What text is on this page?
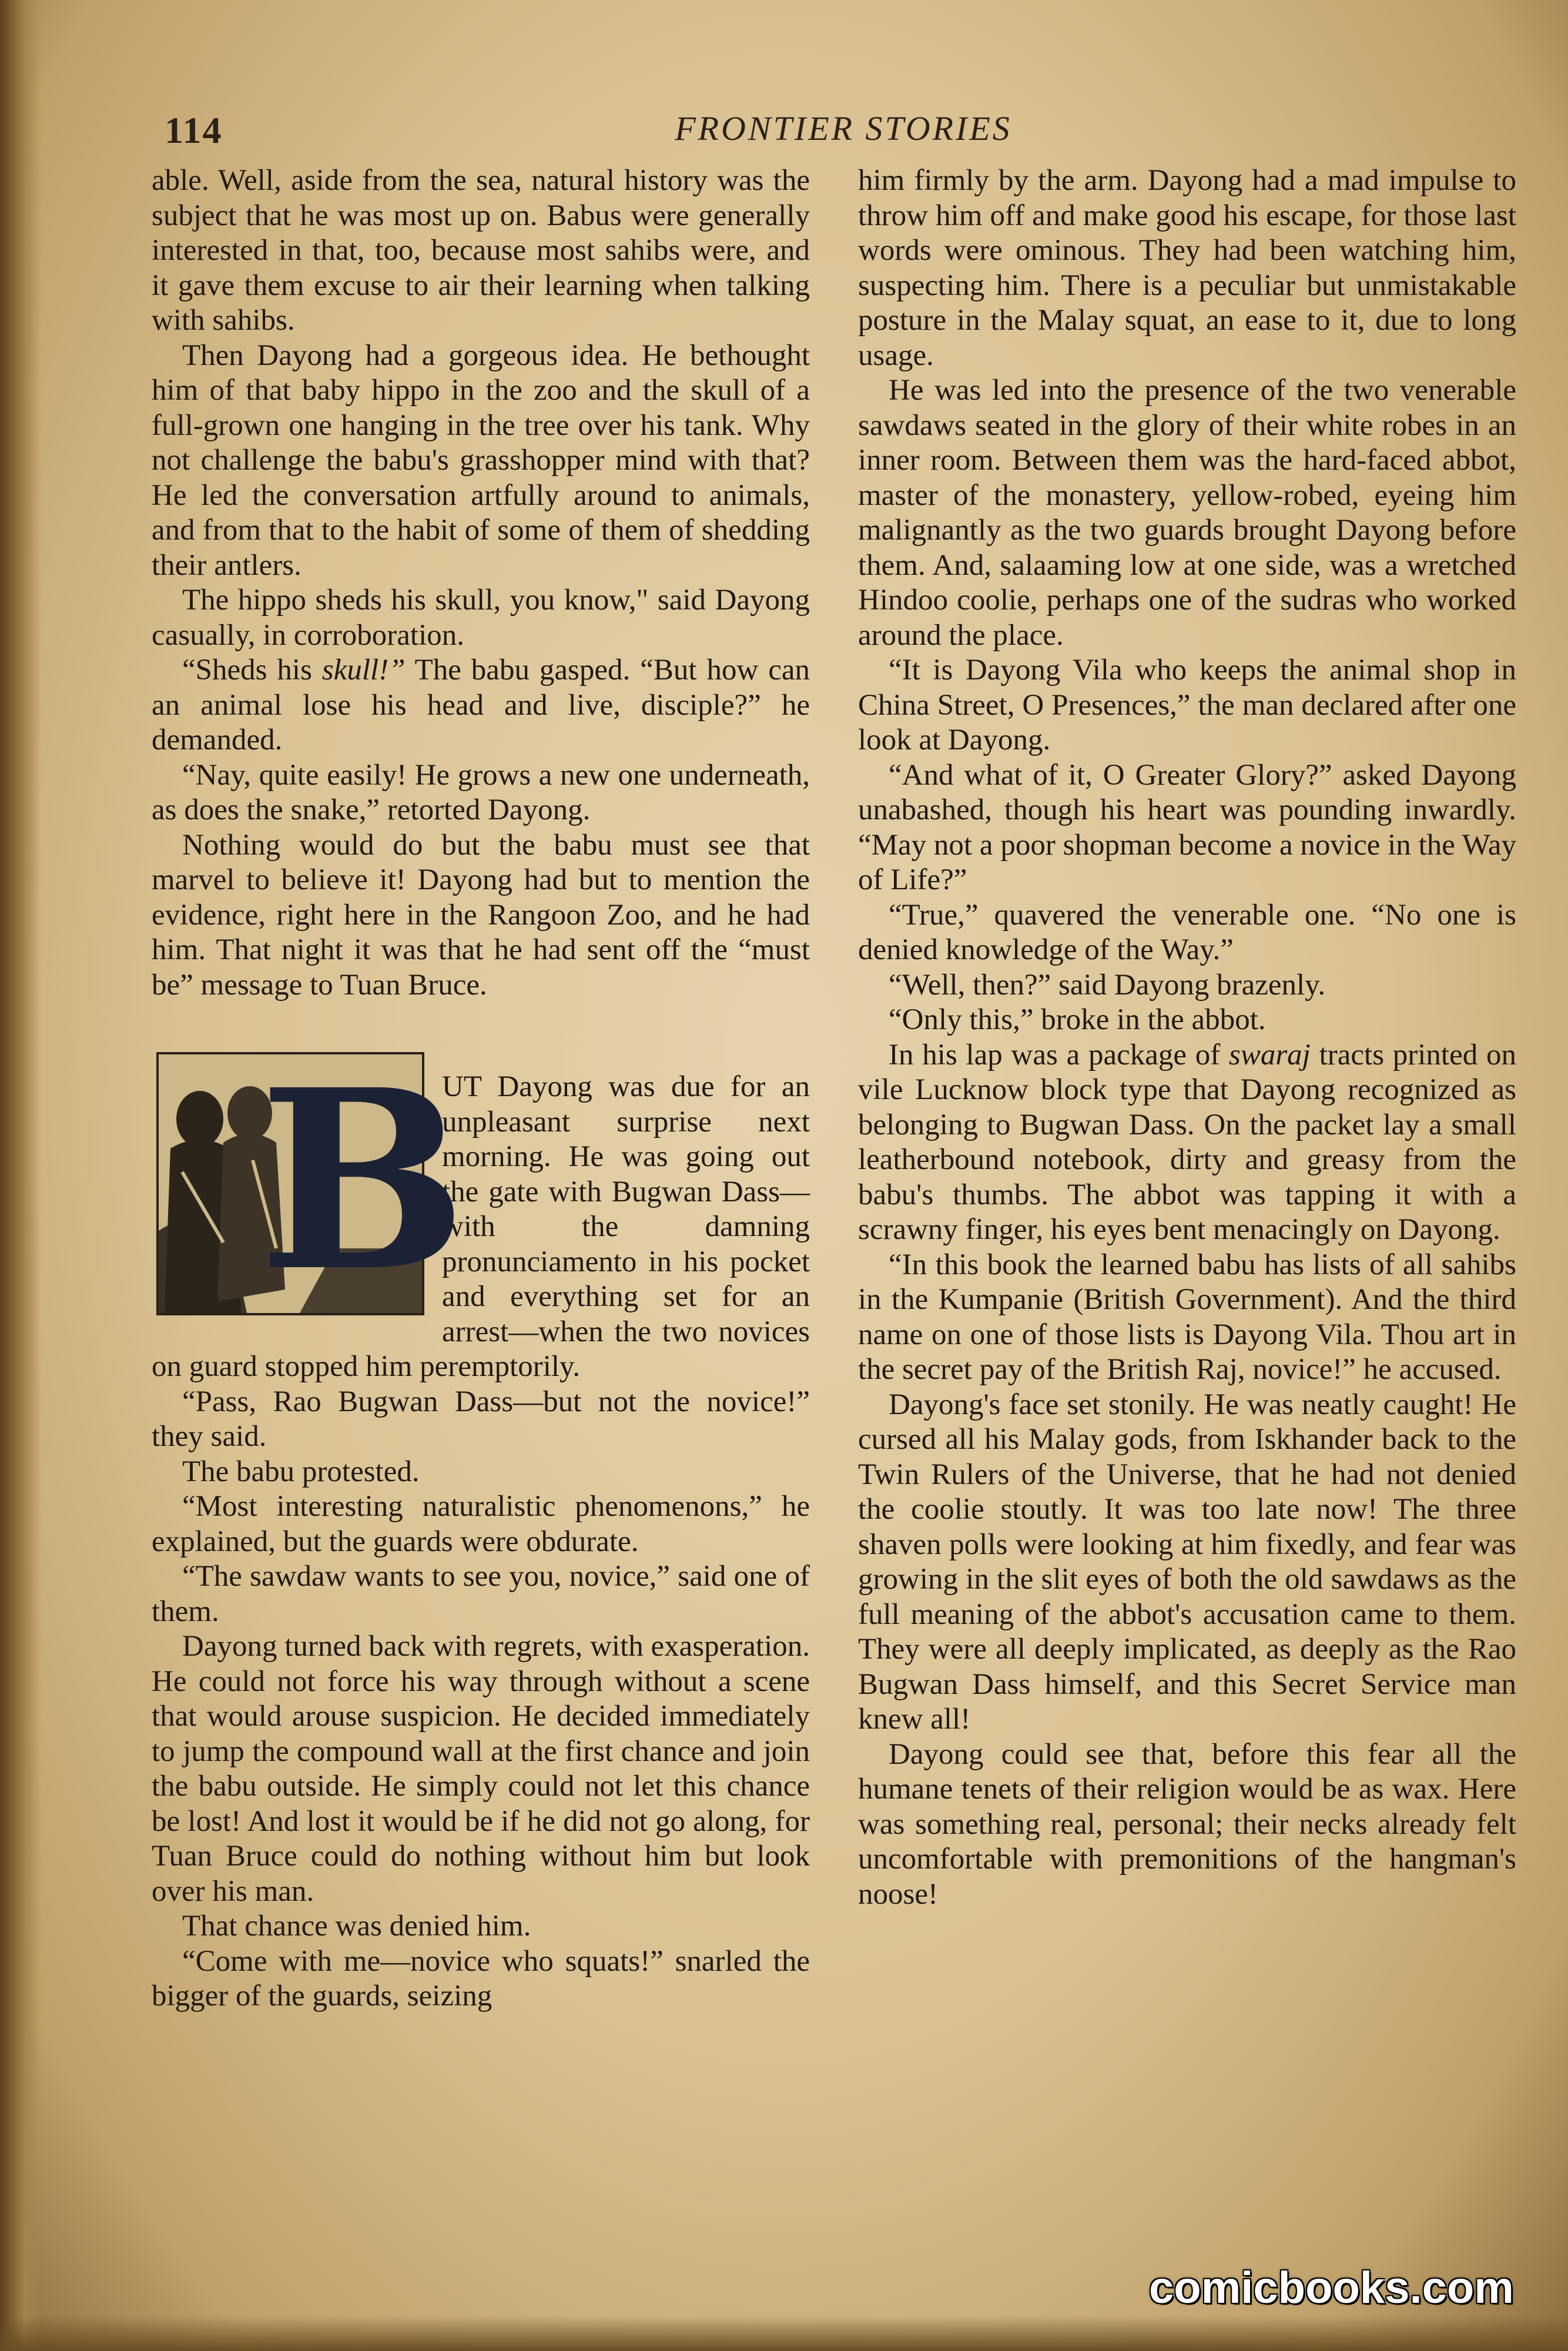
114	FRONTIER STORIES

able. Well, aside from the sea, natural history was the subject that he was most up on. Babus were generally interested in that, too, because most sahibs were, and it gave them excuse to air their learning when talking with sahibs.

Then Dayong had a gorgeous idea. He bethought him of that baby hippo in the zoo and the skull of a full-grown one hanging in the tree over his tank. Why not challenge the babu's grasshopper mind with that? He led the conversation artfully around to animals, and from that to the habit of some of them of shedding their antlers.

The hippo sheds his skull, you know," said Dayong casually, in corroboration.

“Sheds his skull!” The babu gasped. “But how can an animal lose his head and live, disciple?” he demanded.

“Nay, quite easily! He grows a new one underneath, as does the snake,” retorted Dayong.

Nothing would do but the babu must see that marvel to believe it! Dayong had but to mention the evidence, right here in the Rangoon Zoo, and he had him. That night it was that he had sent off the “must be” message to Tuan Bruce.

B

UT Dayong was due for an unpleasant surprise next morning. He was going out the gate with Bugwan Dass—with the damning pronunciamento in his pocket and everything set for an arrest—when the two novices on guard stopped him peremptorily.

“Pass, Rao Bugwan Dass—but not the novice!” they said.

The babu protested.

“Most interesting naturalistic phenomenons,” he explained, but the guards were obdurate.

“The sawdaw wants to see you, novice,” said one of them.

Dayong turned back with regrets, with exasperation. He could not force his way through without a scene that would arouse suspicion. He decided immediately to jump the compound wall at the first chance and join the babu outside. He simply could not let this chance be lost! And lost it would be if he did not go along, for Tuan Bruce could do nothing without him but look over his man.

That chance was denied him.

“Come with me—novice who squats!” snarled the bigger of the guards, seizing

him firmly by the arm. Dayong had a mad impulse to throw him off and make good his escape, for those last words were ominous. They had been watching him, suspecting him. There is a peculiar but unmistakable posture in the Malay squat, an ease to it, due to long usage.

He was led into the presence of the two venerable sawdaws seated in the glory of their white robes in an inner room. Between them was the hard-faced abbot, master of the monastery, yellow-robed, eyeing him malignantly as the two guards brought Dayong before them. And, salaaming low at one side, was a wretched Hindoo coolie, perhaps one of the sudras who worked around the place.

“It is Dayong Vila who keeps the animal shop in China Street, O Presences,” the man declared after one look at Dayong.

“And what of it, O Greater Glory?” asked Dayong unabashed, though his heart was pounding inwardly. “May not a poor shopman become a novice in the Way of Life?”

“True,” quavered the venerable one. “No one is denied knowledge of the Way.”

“Well, then?” said Dayong brazenly.

“Only this,” broke in the abbot.

In his lap was a package of swaraj tracts printed on vile Lucknow block type that Dayong recognized as belonging to Bugwan Dass. On the packet lay a small leatherbound notebook, dirty and greasy from the babu's thumbs. The abbot was tapping it with a scrawny finger, his eyes bent menacingly on Dayong.

“In this book the learned babu has lists of all sahibs in the Kumpanie (British Government). And the third name on one of those lists is Dayong Vila. Thou art in the secret pay of the British Raj, novice!” he accused.

Dayong's face set stonily. He was neatly caught! He cursed all his Malay gods, from Iskhander back to the Twin Rulers of the Universe, that he had not denied the coolie stoutly. It was too late now! The three shaven polls were looking at him fixedly, and fear was growing in the slit eyes of both the old sawdaws as the full meaning of the abbot's accusation came to them. They were all deeply implicated, as deeply as the Rao Bugwan Dass himself, and this Secret Service man knew all!

Dayong could see that, before this fear all the humane tenets of their religion would be as wax. Here was something real, personal; their necks already felt uncomfortable with premonitions of the hangman's noose!

comicbooks.com
